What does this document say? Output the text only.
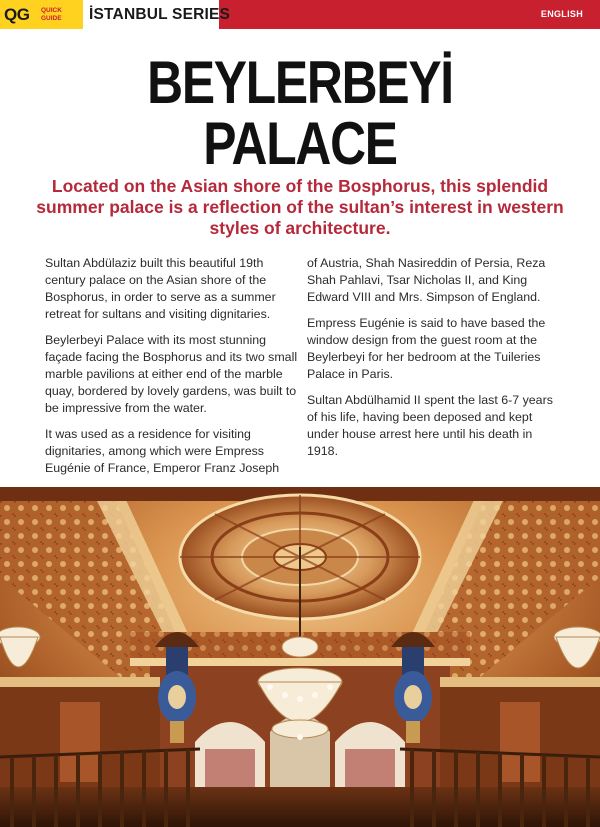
QG QUICK
GUIDE İSTANBUL SERIES	ENGLISH
BEYLERBEYİ
PALACE

Located on the Asian shore of the Bosphorus, this splendid summer palace is a reflection of the sultan’s interest in western styles of architecture.

Sultan Abdülaziz built this beautiful 19th century palace on the Asian shore of the Bosphorus, in order to serve as a summer retreat for sultans and visiting dignitaries.

Beylerbeyi Palace with its most stunning façade facing the Bosphorus and its two small marble pavilions at either end of the marble quay, bordered by lovely gardens, was built to be impressive from the water.

It was used as a residence for visiting dignitaries, among which were Empress Eugénie of France, Emperor Franz Joseph

of Austria, Shah Nasireddin of Persia, Reza Shah Pahlavi, Tsar Nicholas II, and King Edward VIII and Mrs. Simpson of England.

Empress Eugénie is said to have based the window design from the guest room at the Beylerbeyi for her bedroom at the Tuileries Palace in Paris.

Sultan Abdülhamid II spent the last 6-7 years of his life, having been deposed and kept under house arrest here until his death in 1918.
